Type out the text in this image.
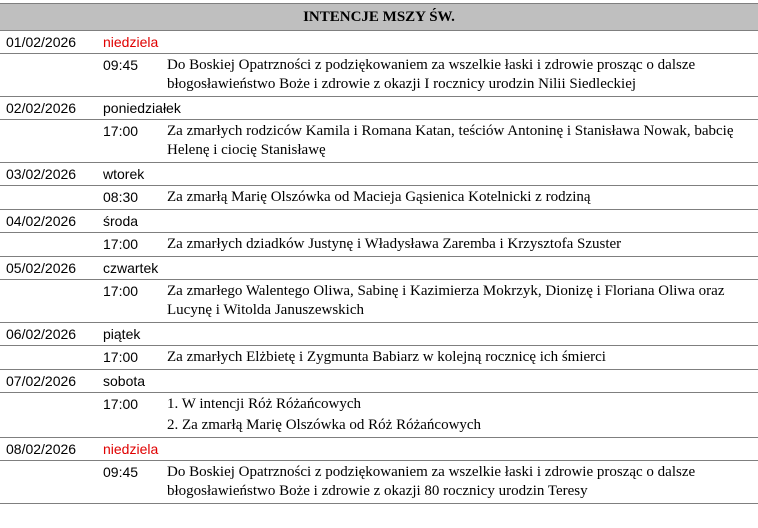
INTENCJE MSZY ŚW.		
01/02/2026	niedziela	
	09:45	Do Boskiej Opatrzności z podziękowaniem za wszelkie łaski i zdrowie prosząc o dalsze błogosławieństwo Boże i zdrowie z okazji I rocznicy urodzin Nilii Siedleckiej
02/02/2026	poniedziałek	
	17:00	Za zmarłych rodziców Kamila i Romana Katan, teściów Antoninę i Stanisława Nowak, babcię Helenę i ciocię Stanisławę
03/02/2026	wtorek	
	08:30	Za zmarłą Marię Olszówka od Macieja Gąsienica Kotelnicki z rodziną
04/02/2026	środa	
	17:00	Za zmarłych dziadków Justynę i Władysława Zaremba i Krzysztofa Szuster
05/02/2026	czwartek	
	17:00	Za zmarłego Walentego Oliwa, Sabinę i Kazimierza Mokrzyk, Dionizę i Floriana Oliwa oraz Lucynę i Witolda Januszewskich
06/02/2026	piątek	
	17:00	Za zmarłych Elżbietę i Zygmunta Babiarz w kolejną rocznicę ich śmierci
07/02/2026	sobota	
	17:00	1. W intencji Róż Różańcowych
		2. Za zmarłą Marię Olszówka od Róż Różańcowych
08/02/2026	niedziela	
	09:45	Do Boskiej Opatrzności z podziękowaniem za wszelkie łaski i zdrowie prosząc o dalsze błogosławieństwo Boże i zdrowie z okazji 80 rocznicy urodzin Teresy
